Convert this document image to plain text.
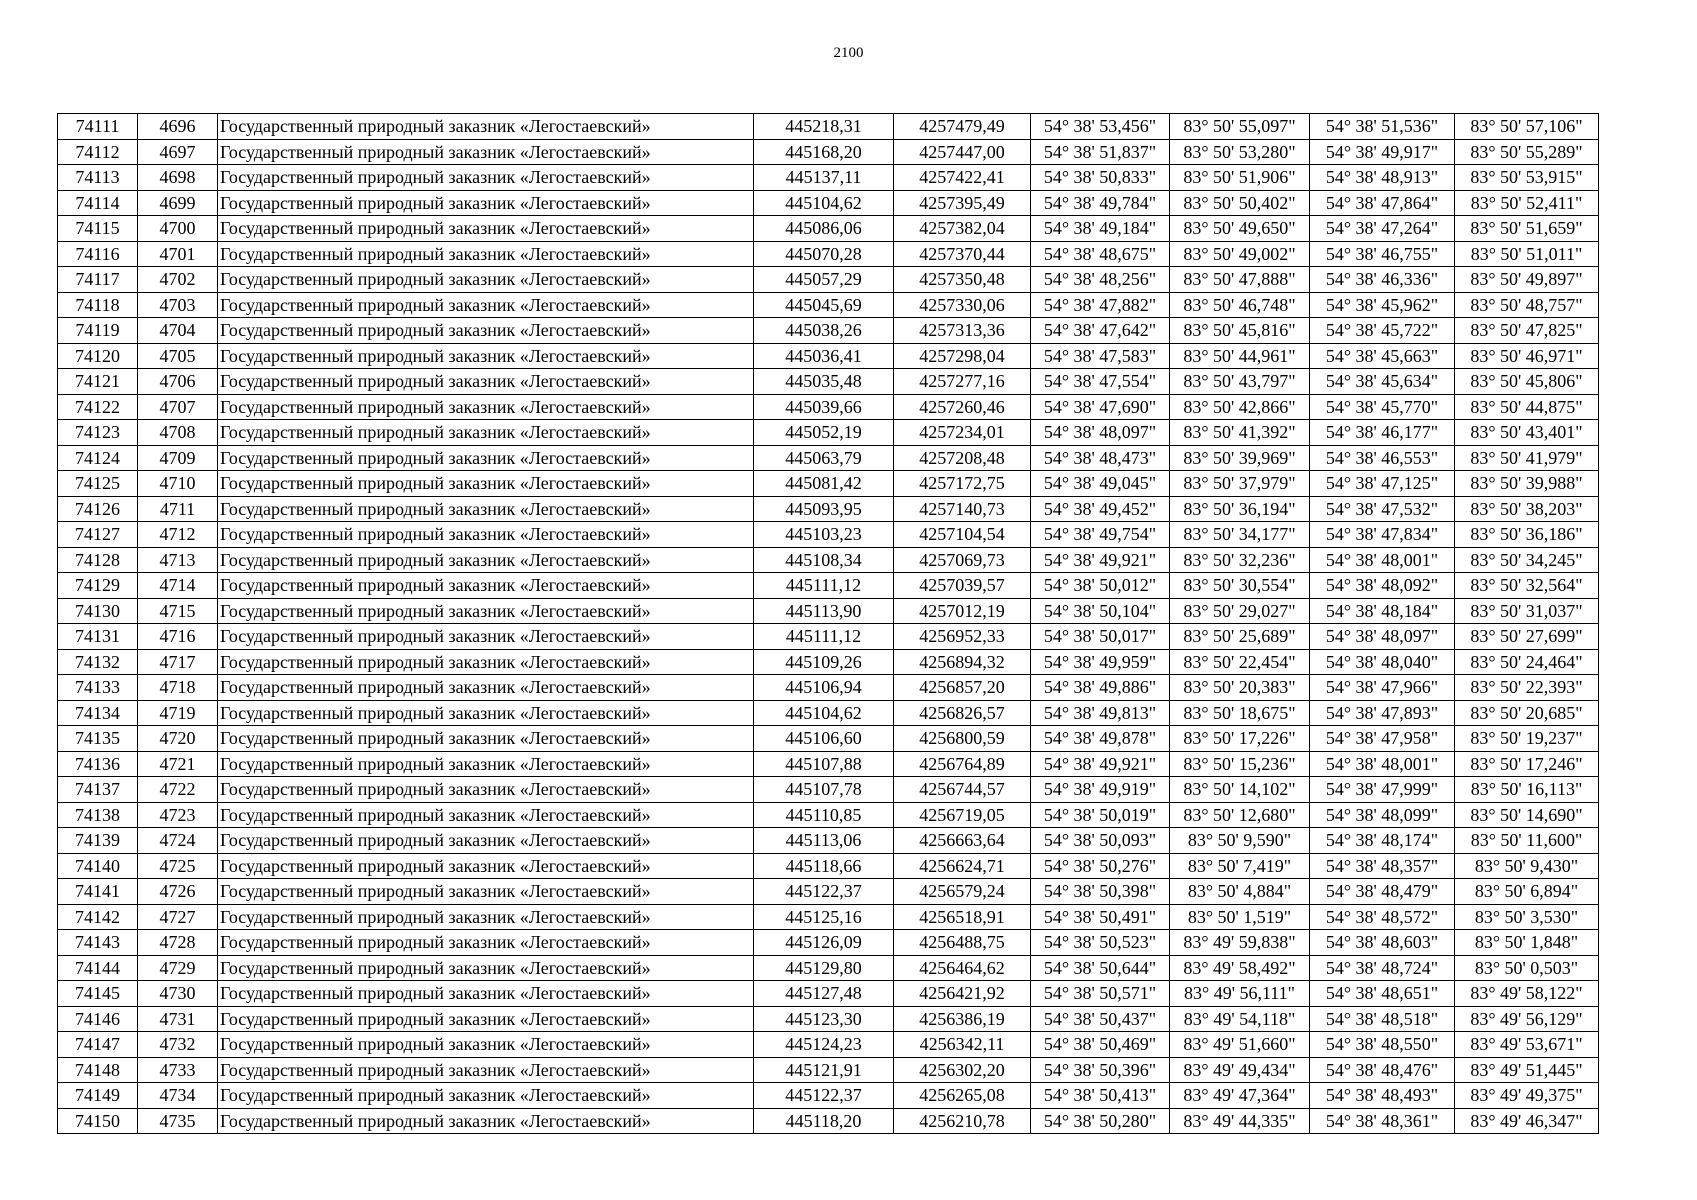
2100
74111	4696	Государственный природный заказник «Легостаевский»	445218,31	4257479,49	54° 38' 53,456"	83° 50' 55,097"	54° 38' 51,536"	83° 50' 57,106"
74112	4697	Государственный природный заказник «Легостаевский»	445168,20	4257447,00	54° 38' 51,837"	83° 50' 53,280"	54° 38' 49,917"	83° 50' 55,289"
74113	4698	Государственный природный заказник «Легостаевский»	445137,11	4257422,41	54° 38' 50,833"	83° 50' 51,906"	54° 38' 48,913"	83° 50' 53,915"
74114	4699	Государственный природный заказник «Легостаевский»	445104,62	4257395,49	54° 38' 49,784"	83° 50' 50,402"	54° 38' 47,864"	83° 50' 52,411"
74115	4700	Государственный природный заказник «Легостаевский»	445086,06	4257382,04	54° 38' 49,184"	83° 50' 49,650"	54° 38' 47,264"	83° 50' 51,659"
74116	4701	Государственный природный заказник «Легостаевский»	445070,28	4257370,44	54° 38' 48,675"	83° 50' 49,002"	54° 38' 46,755"	83° 50' 51,011"
74117	4702	Государственный природный заказник «Легостаевский»	445057,29	4257350,48	54° 38' 48,256"	83° 50' 47,888"	54° 38' 46,336"	83° 50' 49,897"
74118	4703	Государственный природный заказник «Легостаевский»	445045,69	4257330,06	54° 38' 47,882"	83° 50' 46,748"	54° 38' 45,962"	83° 50' 48,757"
74119	4704	Государственный природный заказник «Легостаевский»	445038,26	4257313,36	54° 38' 47,642"	83° 50' 45,816"	54° 38' 45,722"	83° 50' 47,825"
74120	4705	Государственный природный заказник «Легостаевский»	445036,41	4257298,04	54° 38' 47,583"	83° 50' 44,961"	54° 38' 45,663"	83° 50' 46,971"
74121	4706	Государственный природный заказник «Легостаевский»	445035,48	4257277,16	54° 38' 47,554"	83° 50' 43,797"	54° 38' 45,634"	83° 50' 45,806"
74122	4707	Государственный природный заказник «Легостаевский»	445039,66	4257260,46	54° 38' 47,690"	83° 50' 42,866"	54° 38' 45,770"	83° 50' 44,875"
74123	4708	Государственный природный заказник «Легостаевский»	445052,19	4257234,01	54° 38' 48,097"	83° 50' 41,392"	54° 38' 46,177"	83° 50' 43,401"
74124	4709	Государственный природный заказник «Легостаевский»	445063,79	4257208,48	54° 38' 48,473"	83° 50' 39,969"	54° 38' 46,553"	83° 50' 41,979"
74125	4710	Государственный природный заказник «Легостаевский»	445081,42	4257172,75	54° 38' 49,045"	83° 50' 37,979"	54° 38' 47,125"	83° 50' 39,988"
74126	4711	Государственный природный заказник «Легостаевский»	445093,95	4257140,73	54° 38' 49,452"	83° 50' 36,194"	54° 38' 47,532"	83° 50' 38,203"
74127	4712	Государственный природный заказник «Легостаевский»	445103,23	4257104,54	54° 38' 49,754"	83° 50' 34,177"	54° 38' 47,834"	83° 50' 36,186"
74128	4713	Государственный природный заказник «Легостаевский»	445108,34	4257069,73	54° 38' 49,921"	83° 50' 32,236"	54° 38' 48,001"	83° 50' 34,245"
74129	4714	Государственный природный заказник «Легостаевский»	445111,12	4257039,57	54° 38' 50,012"	83° 50' 30,554"	54° 38' 48,092"	83° 50' 32,564"
74130	4715	Государственный природный заказник «Легостаевский»	445113,90	4257012,19	54° 38' 50,104"	83° 50' 29,027"	54° 38' 48,184"	83° 50' 31,037"
74131	4716	Государственный природный заказник «Легостаевский»	445111,12	4256952,33	54° 38' 50,017"	83° 50' 25,689"	54° 38' 48,097"	83° 50' 27,699"
74132	4717	Государственный природный заказник «Легостаевский»	445109,26	4256894,32	54° 38' 49,959"	83° 50' 22,454"	54° 38' 48,040"	83° 50' 24,464"
74133	4718	Государственный природный заказник «Легостаевский»	445106,94	4256857,20	54° 38' 49,886"	83° 50' 20,383"	54° 38' 47,966"	83° 50' 22,393"
74134	4719	Государственный природный заказник «Легостаевский»	445104,62	4256826,57	54° 38' 49,813"	83° 50' 18,675"	54° 38' 47,893"	83° 50' 20,685"
74135	4720	Государственный природный заказник «Легостаевский»	445106,60	4256800,59	54° 38' 49,878"	83° 50' 17,226"	54° 38' 47,958"	83° 50' 19,237"
74136	4721	Государственный природный заказник «Легостаевский»	445107,88	4256764,89	54° 38' 49,921"	83° 50' 15,236"	54° 38' 48,001"	83° 50' 17,246"
74137	4722	Государственный природный заказник «Легостаевский»	445107,78	4256744,57	54° 38' 49,919"	83° 50' 14,102"	54° 38' 47,999"	83° 50' 16,113"
74138	4723	Государственный природный заказник «Легостаевский»	445110,85	4256719,05	54° 38' 50,019"	83° 50' 12,680"	54° 38' 48,099"	83° 50' 14,690"
74139	4724	Государственный природный заказник «Легостаевский»	445113,06	4256663,64	54° 38' 50,093"	83° 50' 9,590"	54° 38' 48,174"	83° 50' 11,600"
74140	4725	Государственный природный заказник «Легостаевский»	445118,66	4256624,71	54° 38' 50,276"	83° 50' 7,419"	54° 38' 48,357"	83° 50' 9,430"
74141	4726	Государственный природный заказник «Легостаевский»	445122,37	4256579,24	54° 38' 50,398"	83° 50' 4,884"	54° 38' 48,479"	83° 50' 6,894"
74142	4727	Государственный природный заказник «Легостаевский»	445125,16	4256518,91	54° 38' 50,491"	83° 50' 1,519"	54° 38' 48,572"	83° 50' 3,530"
74143	4728	Государственный природный заказник «Легостаевский»	445126,09	4256488,75	54° 38' 50,523"	83° 49' 59,838"	54° 38' 48,603"	83° 50' 1,848"
74144	4729	Государственный природный заказник «Легостаевский»	445129,80	4256464,62	54° 38' 50,644"	83° 49' 58,492"	54° 38' 48,724"	83° 50' 0,503"
74145	4730	Государственный природный заказник «Легостаевский»	445127,48	4256421,92	54° 38' 50,571"	83° 49' 56,111"	54° 38' 48,651"	83° 49' 58,122"
74146	4731	Государственный природный заказник «Легостаевский»	445123,30	4256386,19	54° 38' 50,437"	83° 49' 54,118"	54° 38' 48,518"	83° 49' 56,129"
74147	4732	Государственный природный заказник «Легостаевский»	445124,23	4256342,11	54° 38' 50,469"	83° 49' 51,660"	54° 38' 48,550"	83° 49' 53,671"
74148	4733	Государственный природный заказник «Легостаевский»	445121,91	4256302,20	54° 38' 50,396"	83° 49' 49,434"	54° 38' 48,476"	83° 49' 51,445"
74149	4734	Государственный природный заказник «Легостаевский»	445122,37	4256265,08	54° 38' 50,413"	83° 49' 47,364"	54° 38' 48,493"	83° 49' 49,375"
74150	4735	Государственный природный заказник «Легостаевский»	445118,20	4256210,78	54° 38' 50,280"	83° 49' 44,335"	54° 38' 48,361"	83° 49' 46,347"
